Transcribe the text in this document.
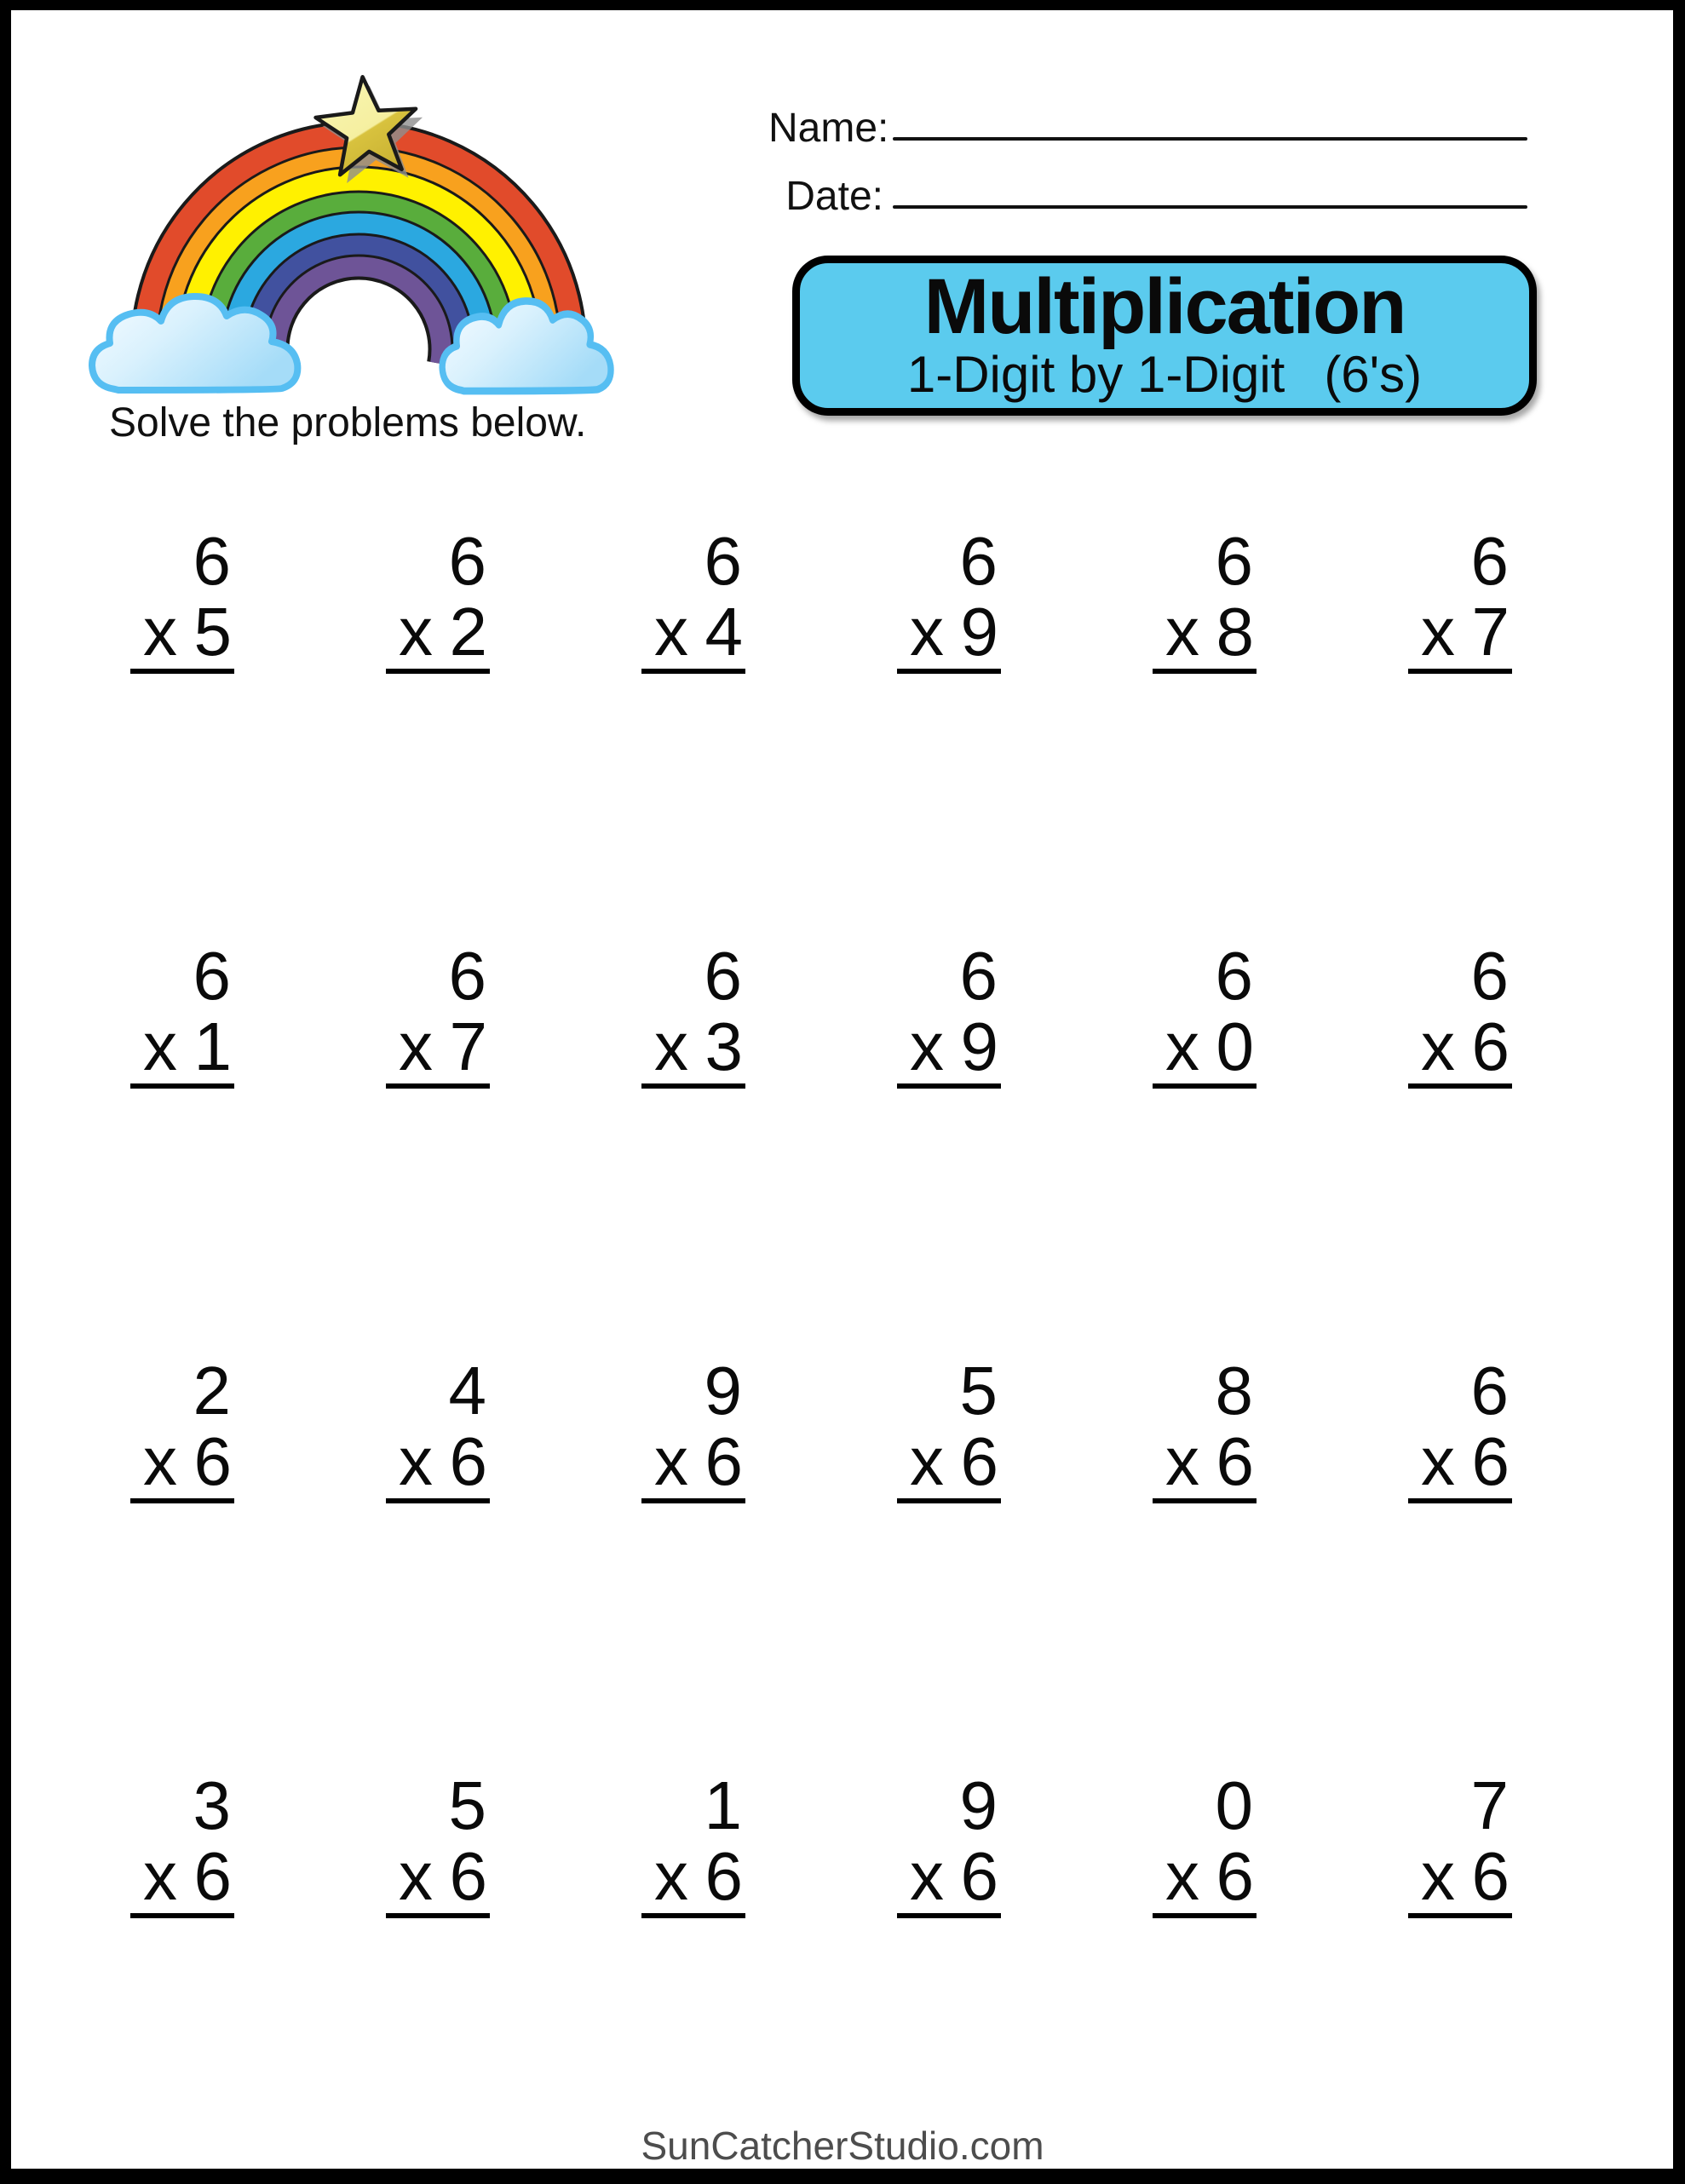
Solve the problems below.
Name:
Date:
Multiplication
1-Digit by 1-Digit (6's)
6
x 5
6
x 2
6
x 4
6
x 9
6
x 8
6
x 7
6
x 1
6
x 7
6
x 3
6
x 9
6
x 0
6
x 6
2
x 6
4
x 6
9
x 6
5
x 6
8
x 6
6
x 6
3
x 6
5
x 6
1
x 6
9
x 6
0
x 6
7
x 6
SunCatcherStudio.com
